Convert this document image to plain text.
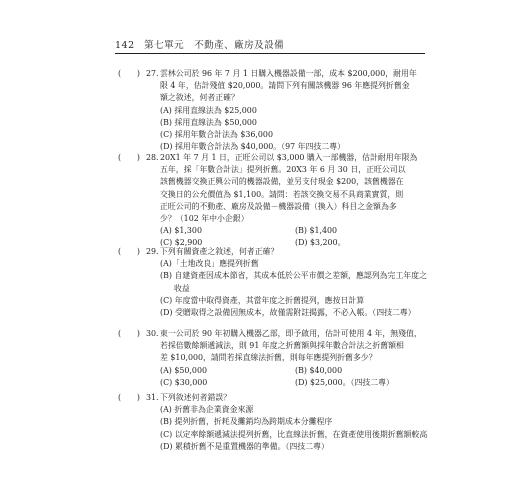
142 第七單元　不動產、廠房及設備
( ) 27. 雲林公司於 96 年 7 月 1 日購入機器設備一部，成本 $200,000，耐用年
限 4 年，估計殘值 $20,000。請問下列有關該機器 96 年應提列折舊金
額之敘述，何者正確？
(A) 採用直線法為 $25,000
(B) 採用直線法為 $50,000
(C) 採用年數合計法為 $36,000
(D) 採用年數合計法為 $40,000。（97 年四技二專）
( ) 28. 20X1 年 7 月 1 日，正旺公司以 $3,000 購入一部機器，估計耐用年限為
五年，採「年數合計法」提列折舊。20X3 年 6 月 30 日，正旺公司以
該舊機器交換正興公司的機器設備，並另支付現金 $200，該舊機器在
交換日的公允價值為 $1,100。請問：若該交換交易不具商業實質，則
正旺公司的不動產、廠房及設備－機器設備（換入）科目之金額為多
少？（102 年中小企銀）
(A) $1,300	(B) $1,400
(C) $2,900	(D) $3,200。
( ) 29. 下列有關資產之敘述，何者正確？
(A)「土地改良」應提列折舊
(B) 自建資產因成本節省，其成本低於公平市價之差額，應認列為完工年度之收益
(C) 年度當中取得資產，其當年度之折舊提列，應按日計算
(D) 受贈取得之設備因無成本，故僅需附註揭露，不必入帳。（四技二專）
( ) 30. 東一公司於 90 年初購入機器乙部，即予啟用，估計可使用 4 年，無殘值，
若採倍數餘額遞減法，則 91 年度之折舊額與採年數合計法之折舊額相
差 $10,000，請問若採直線法折舊，則每年應提列折舊多少？
(A) $50,000	(B) $40,000
(C) $30,000	(D) $25,000。（四技二專）
( ) 31. 下列敘述何者錯誤？
(A) 折舊非為企業資金來源
(B) 提列折舊，折耗及攤銷均為跨期成本分攤程序
(C) 以定率餘額遞減法提列折舊，比直線法折舊，在資產使用後期折舊額較高
(D) 累積折舊不是重置機器的準備。（四技二專）
